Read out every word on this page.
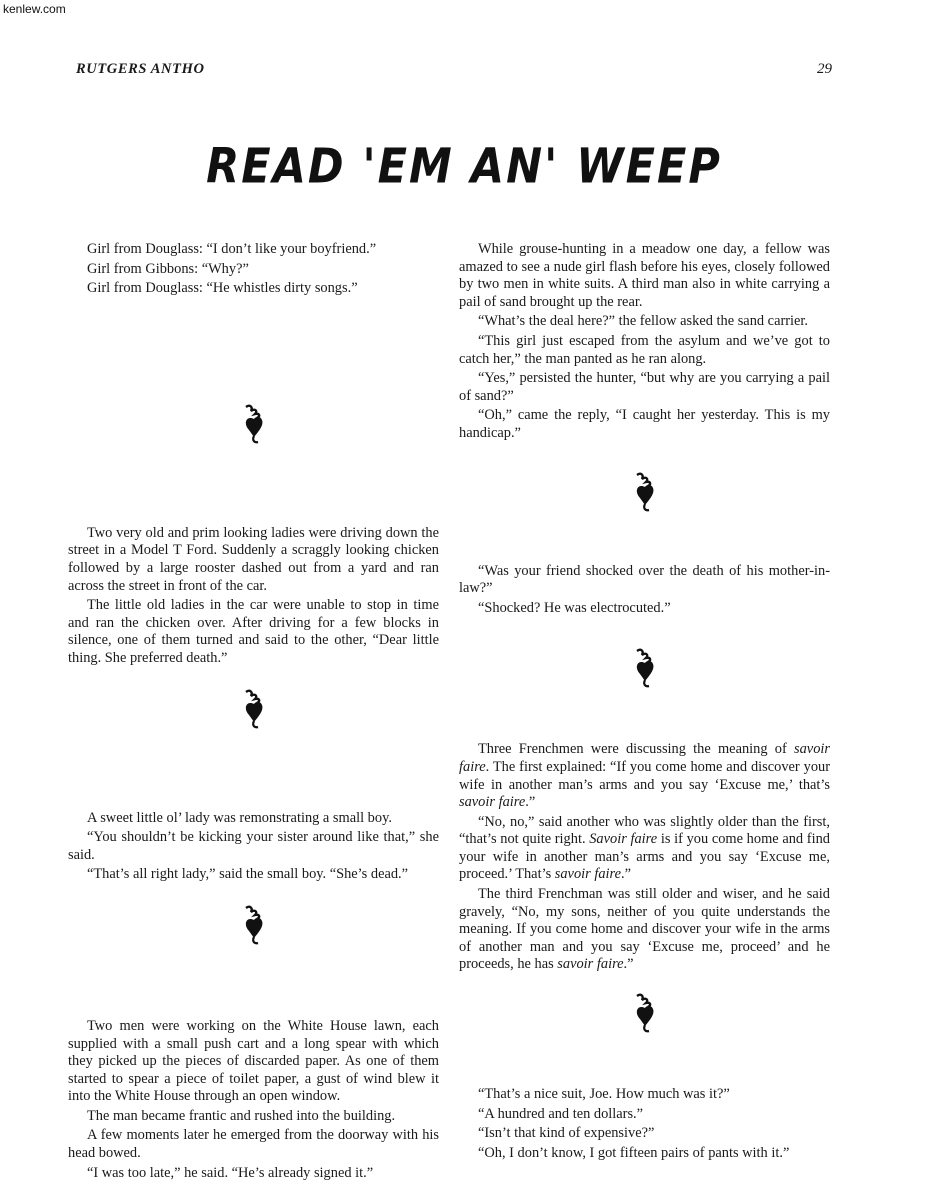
kenlew.com
RUTGERS ANTHO	29
READ 'EM AN' WEEP

Girl from Douglass: “I don’t like your boyfriend.”

Girl from Gibbons: “Why?”

Girl from Douglass: “He whistles dirty songs.”

Two very old and prim looking ladies were driving down the street in a Model T Ford. Suddenly a scraggly looking chicken followed by a large rooster dashed out from a yard and ran across the street in front of the car.

The little old ladies in the car were unable to stop in time and ran the chicken over. After driving for a few blocks in silence, one of them turned and said to the other, “Dear little thing. She preferred death.”

A sweet little ol’ lady was remonstrating a small boy.

“You shouldn’t be kicking your sister around like that,” she said.

“That’s all right lady,” said the small boy. “She’s dead.”

Two men were working on the White House lawn, each supplied with a small push cart and a long spear with which they picked up the pieces of discarded paper. As one of them started to spear a piece of toilet paper, a gust of wind blew it into the White House through an open window.

The man became frantic and rushed into the building.

A few moments later he emerged from the doorway with his head bowed.

“I was too late,” he said. “He’s already signed it.”

While grouse-hunting in a meadow one day, a fellow was amazed to see a nude girl flash before his eyes, closely followed by two men in white suits. A third man also in white carrying a pail of sand brought up the rear.

“What’s the deal here?” the fellow asked the sand carrier.

“This girl just escaped from the asylum and we’ve got to catch her,” the man panted as he ran along.

“Yes,” persisted the hunter, “but why are you carrying a pail of sand?”

“Oh,” came the reply, “I caught her yesterday. This is my handicap.”

“Was your friend shocked over the death of his mother-in-law?”

“Shocked? He was electrocuted.”

Three Frenchmen were discussing the meaning of savoir faire. The first explained: “If you come home and discover your wife in another man’s arms and you say ‘Excuse me,’ that’s savoir faire.”

“No, no,” said another who was slightly older than the first, “that’s not quite right. Savoir faire is if you come home and find your wife in another man’s arms and you say ‘Excuse me, proceed.’ That’s savoir faire.”

The third Frenchman was still older and wiser, and he said gravely, “No, my sons, neither of you quite understands the meaning. If you come home and discover your wife in the arms of another man and you say ‘Excuse me, proceed’ and he proceeds, he has savoir faire.”

“That’s a nice suit, Joe. How much was it?”

“A hundred and ten dollars.”

“Isn’t that kind of expensive?”

“Oh, I don’t know, I got fifteen pairs of pants with it.”
